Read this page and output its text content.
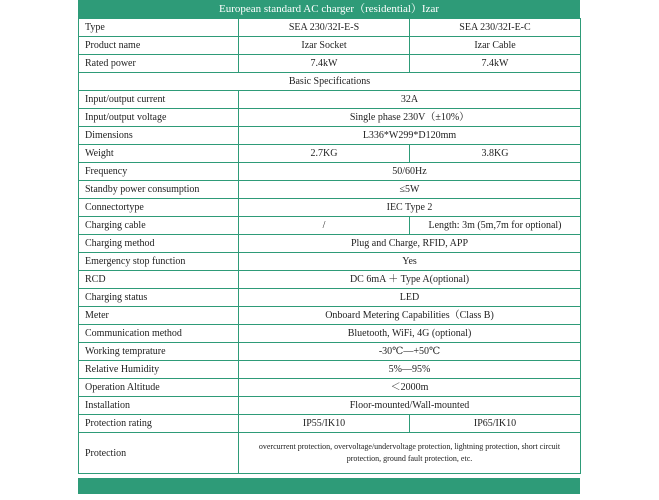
European standard AC charger（residential）Izar
Type	SEA 230/32I-E-S	SEA 230/32I-E-C
Product name	Izar Socket	Izar Cable
Rated power	7.4kW	7.4kW
Basic Specifications		
Input/output current	32A	
Input/output voltage	Single phase 230V（±10%）	
Dimensions	L336*W299*D120mm	
Weight	2.7KG	3.8KG
Frequency	50/60Hz	
Standby power consumption	≤5W	
Connectortype	IEC Type 2	
Charging cable	/	Length: 3m (5m,7m for optional)
Charging method	Plug and Charge, RFID, APP	
Emergency stop function	Yes	
RCD	DC 6mA ＋ Type A(optional)	
Charging status	LED	
Meter	Onboard Metering Capabilities（Class B)	
Communication method	Bluetooth, WiFi, 4G (optional)	
Working temprature	-30℃—+50℃	
Relative Humidity	5%—95%	
Operation Altitude	＜2000m	
Installation	Floor-mounted/Wall-mounted	
Protection rating	IP55/IK10	IP65/IK10
Protection	overcurrent protection, overvoltage/undervoltage protection, lightning protection, short circuit protection, ground fault protection, etc.	
